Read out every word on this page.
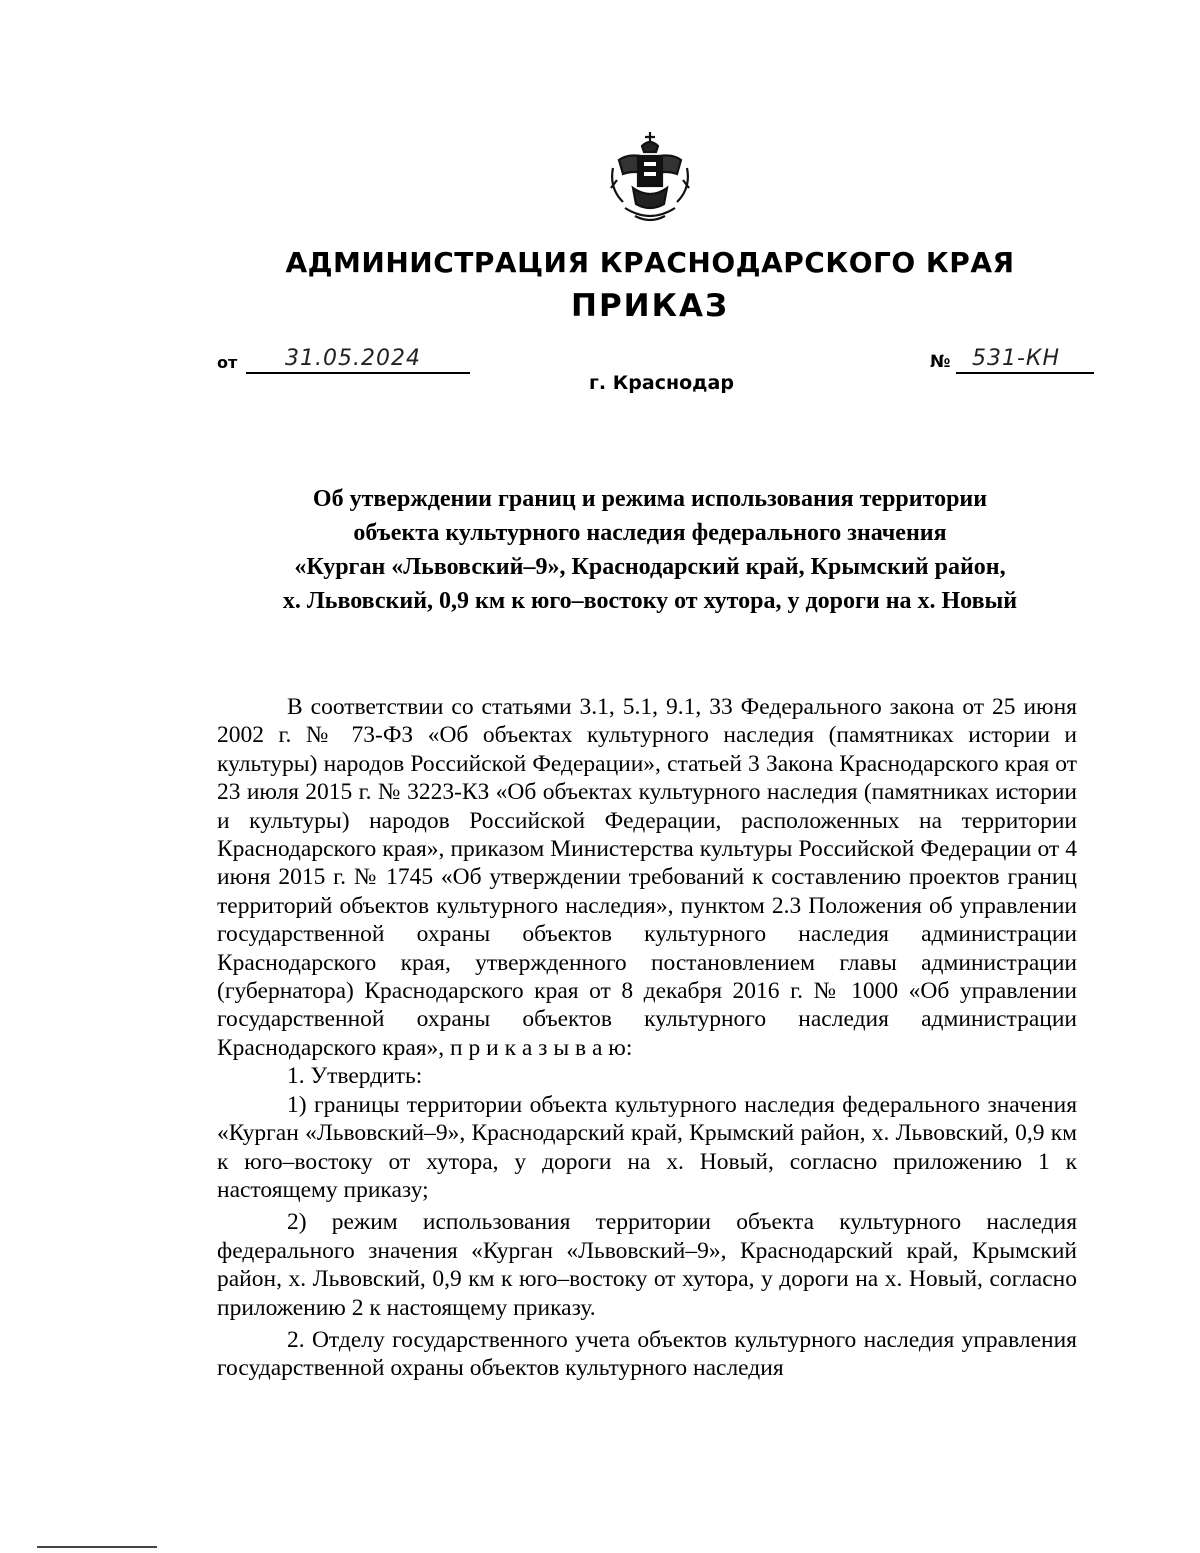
АДМИНИСТРАЦИЯ КРАСНОДАРСКОГО КРАЯ
ПРИКАЗ
от 31.05.2024	№ 531-КН
г. Краснодар
Об утверждении границ и режима использования территории
объекта культурного наследия федерального значения
«Курган «Львовский–9», Краснодарский край, Крымский район,
х. Львовский, 0,9 км к юго–востоку от хутора, у дороги на х. Новый

В соответствии со статьями 3.1, 5.1, 9.1, 33 Федерального закона от 25 июня 2002 г. № 73-ФЗ «Об объектах культурного наследия (памятниках истории и культуры) народов Российской Федерации», статьей 3 Закона Краснодарского края от 23 июля 2015 г. № 3223-КЗ «Об объектах культурного наследия (памятниках истории и культуры) народов Российской Федерации, расположенных на территории Краснодарского края», приказом Министерства культуры Российской Федерации от 4 июня 2015 г. № 1745 «Об утверждении требований к составлению проектов границ территорий объектов культурного наследия», пунктом 2.3 Положения об управлении государственной охраны объектов культурного наследия администрации Краснодарского края, утвержденного постановлением главы администрации (губернатора) Краснодарского края от 8 декабря 2016 г. № 1000 «Об управлении государственной охраны объектов культурного наследия администрации Краснодарского края», п р и к а з ы в а ю:

1. Утвердить:

1) границы территории объекта культурного наследия федерального значения «Курган «Львовский–9», Краснодарский край, Крымский район, х. Львовский, 0,9 км к юго–востоку от хутора, у дороги на х. Новый, согласно приложению 1 к настоящему приказу;

2) режим использования территории объекта культурного наследия федерального значения «Курган «Львовский–9», Краснодарский край, Крымский район, х. Львовский, 0,9 км к юго–востоку от хутора, у дороги на х. Новый, согласно приложению 2 к настоящему приказу.

2. Отделу государственного учета объектов культурного наследия управления государственной охраны объектов культурного наследия
